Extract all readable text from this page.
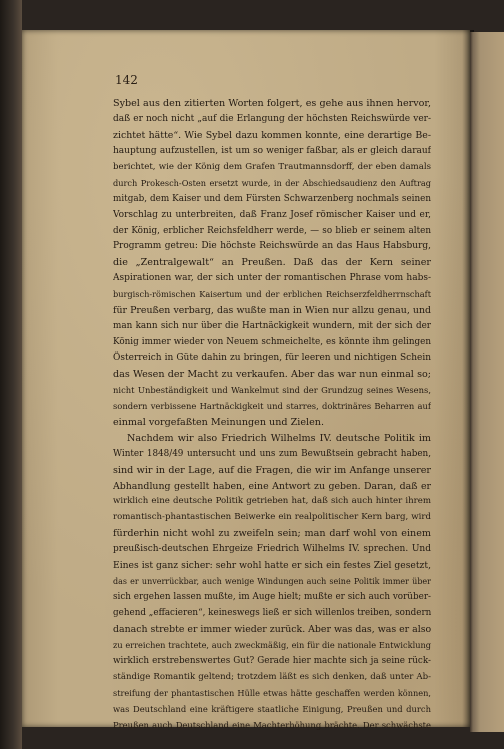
142
Sybel aus den zitierten Worten folgert, es gehe aus ihnen hervor,
daß er noch nicht „auf die Erlangung der höchsten Reichswürde ver-
zichtet hätte“. Wie Sybel dazu kommen konnte, eine derartige Be-
hauptung aufzustellen, ist um so weniger faßbar, als er gleich darauf
berichtet, wie der König dem Grafen Trautmannsdorff, der eben damals
durch Prokesch-Osten ersetzt wurde, in der Abschiedsaudienz den Auftrag
mitgab, dem Kaiser und dem Fürsten Schwarzenberg nochmals seinen
Vorschlag zu unterbreiten, daß Franz Josef römischer Kaiser und er,
der König, erblicher Reichsfeldherr werde, — so blieb er seinem alten
Programm getreu: Die höchste Reichswürde an das Haus Habsburg,
die „Zentralgewalt“ an Preußen. Daß das der Kern seiner
Aspirationen war, der sich unter der romantischen Phrase vom habs-
burgisch-römischen Kaisertum und der erblichen Reichserzfeldherrnschaft
für Preußen verbarg, das wußte man in Wien nur allzu genau, und
man kann sich nur über die Hartnäckigkeit wundern, mit der sich der
König immer wieder von Neuem schmeichelte, es könnte ihm gelingen
Österreich in Güte dahin zu bringen, für leeren und nichtigen Schein
das Wesen der Macht zu verkaufen. Aber das war nun einmal so;
nicht Unbeständigkeit und Wankelmut sind der Grundzug seines Wesens,
sondern verbissene Hartnäckigkeit und starres, doktrinäres Beharren auf
einmal vorgefaßten Meinungen und Zielen.
Nachdem wir also Friedrich Wilhelms IV. deutsche Politik im
Winter 1848/49 untersucht und uns zum Bewußtsein gebracht haben,
sind wir in der Lage, auf die Fragen, die wir im Anfange unserer
Abhandlung gestellt haben, eine Antwort zu geben. Daran, daß er
wirklich eine deutsche Politik getrieben hat, daß sich auch hinter ihrem
romantisch-phantastischen Beiwerke ein realpolitischer Kern barg, wird
fürderhin nicht wohl zu zweifeln sein; man darf wohl von einem
preußisch-deutschen Ehrgeize Friedrich Wilhelms IV. sprechen. Und
Eines ist ganz sicher: sehr wohl hatte er sich ein festes Ziel gesetzt,
das er unverrückbar, auch wenige Windungen auch seine Politik immer über
sich ergehen lassen mußte, im Auge hielt; mußte er sich auch vorüber-
gehend „effacieren“, keineswegs ließ er sich willenlos treiben, sondern
danach strebte er immer wieder zurück. Aber was das, was er also
zu erreichen trachtete, auch zweckmäßig, ein für die nationale Entwicklung
wirklich erstrebenswertes Gut? Gerade hier machte sich ja seine rück-
ständige Romantik geltend; trotzdem läßt es sich denken, daß unter Ab-
streifung der phantastischen Hülle etwas hätte geschaffen werden können,
was Deutschland eine kräftigere staatliche Einigung, Preußen und durch
Preußen auch Deutschland eine Machterhöhung brächte. Der schwächste
